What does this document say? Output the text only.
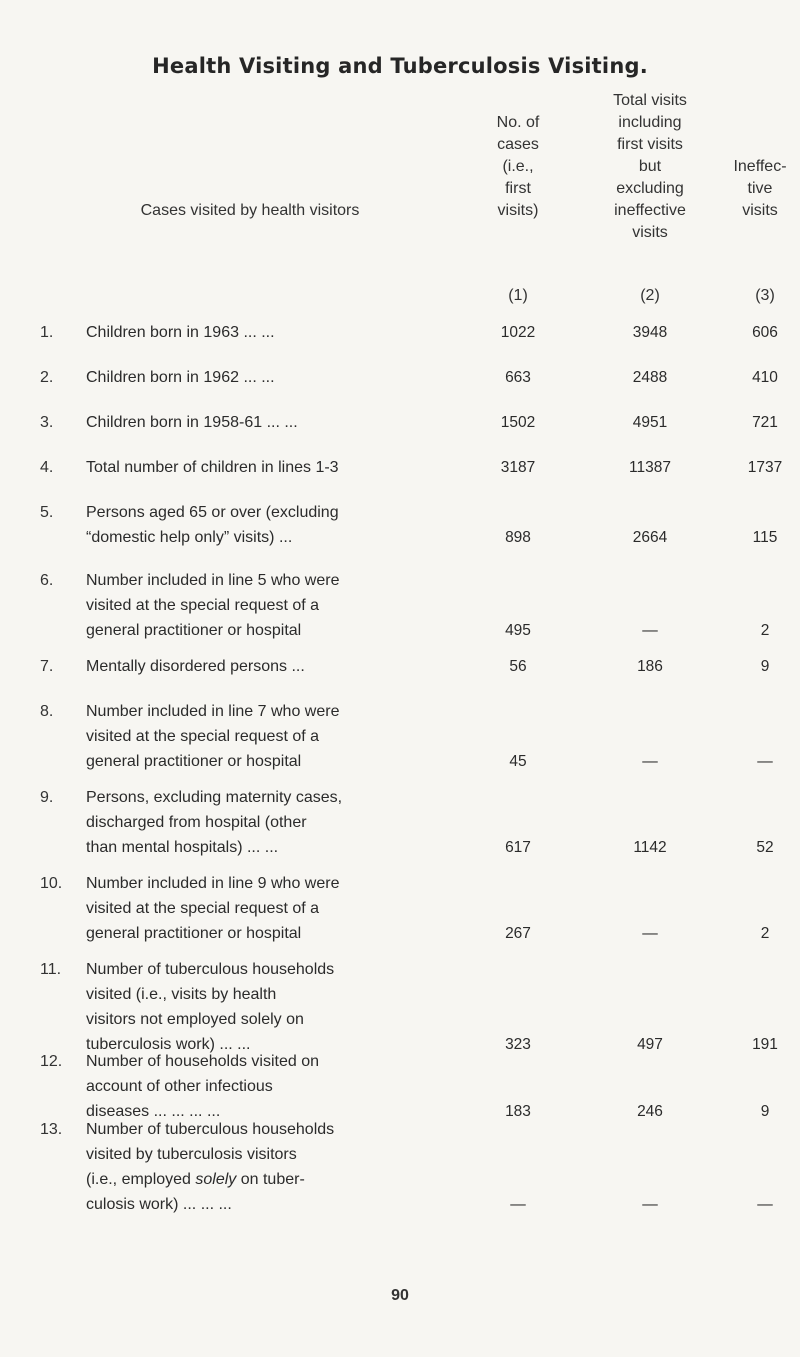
Health Visiting and Tuberculosis Visiting.
Cases visited by health visitors
No. of
cases
(i.e.,
first
visits)
Total visits
including
first visits
but
excluding
ineffective
visits
Ineffec-
tive
visits
(1)	(2)	(3)
1.	Children born in 1963 ... ...	1022	3948	606
2.	Children born in 1962 ... ...	663	2488	410
3.	Children born in 1958-61 ... ...	1502	4951	721
4.	Total number of children in lines 1-3	3187	11387	1737
5.	Persons aged 65 or over (excluding
“domestic help only” visits) ...	898	2664	115
6.	Number included in line 5 who were
visited at the special request of a
general practitioner or hospital	495	—	2
7.	Mentally disordered persons ...	56	186	9
8.	Number included in line 7 who were
visited at the special request of a
general practitioner or hospital	45	—	—
9.	Persons, excluding maternity cases,
discharged from hospital (other
than mental hospitals) ... ...	617	1142	52
10.	Number included in line 9 who were
visited at the special request of a
general practitioner or hospital	267	—	2
11.	Number of tuberculous households
visited (i.e., visits by health
visitors not employed solely on
tuberculosis work) ... ...	323	497	191
12.	Number of households visited on
account of other infectious
diseases ... ... ... ...	183	246	9
13.	Number of tuberculous households
visited by tuberculosis visitors
(i.e., employed solely on tuber-
culosis work) ... ... ...	—	—	—
90
